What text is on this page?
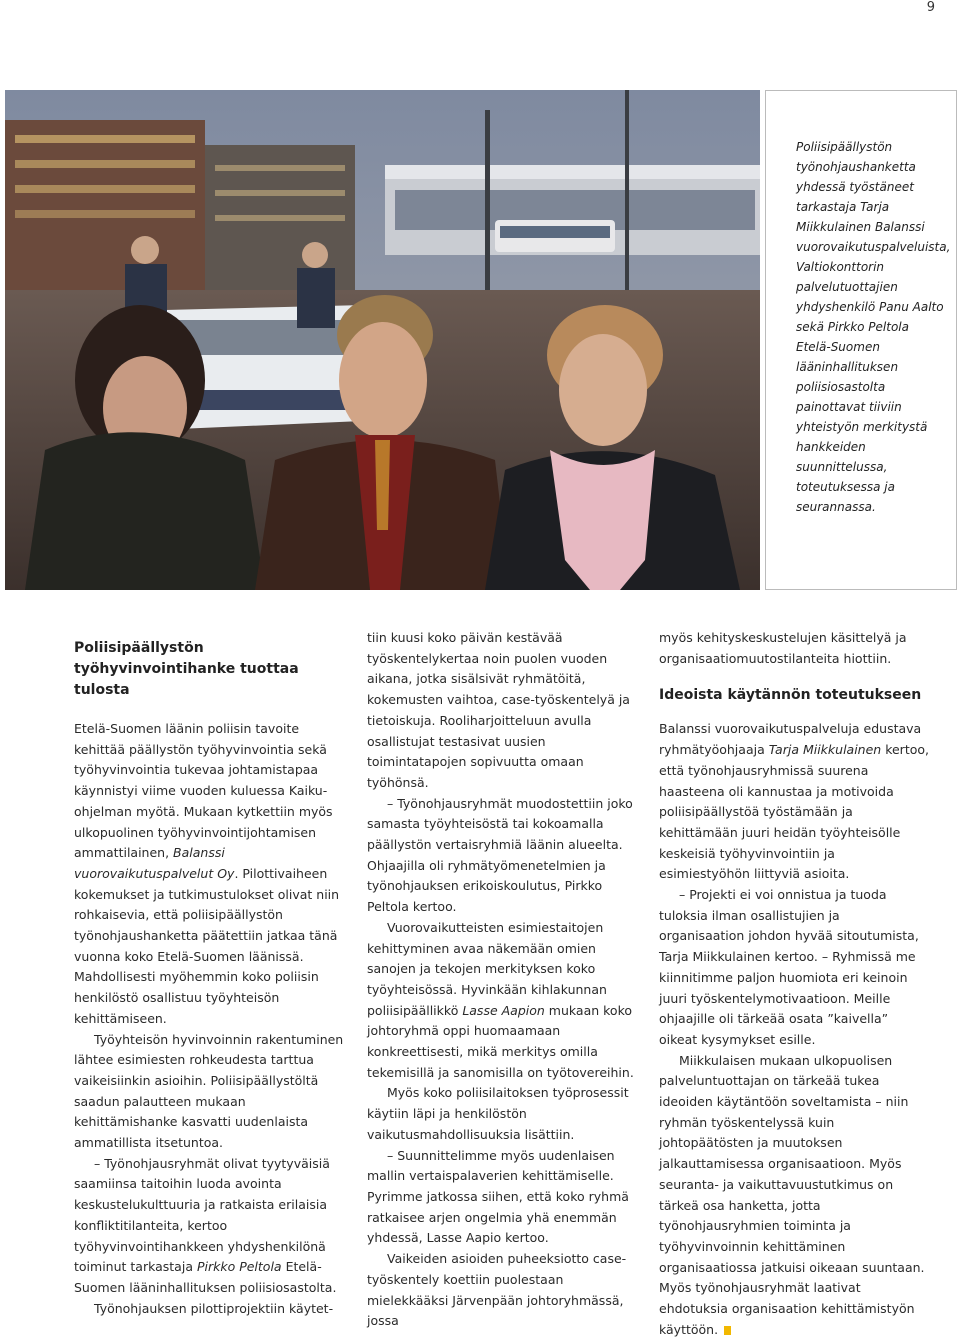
9
Poliisipäällystön työnohjaushanketta yhdessä työstäneet tarkastaja Tarja Miikkulainen Balanssi vuorovaikutuspalveluista, Valtiokonttorin palvelutuottajien yhdyshenkilö Panu Aalto sekä Pirkko Peltola Etelä-Suomen lääninhallituksen poliisiosastolta painottavat tiiviin yhteistyön merkitystä hankkeiden suunnittelussa, toteutuksessa ja seurannassa.
Poliisipäällystön työhyvinvointihanke tuottaa tulosta

Etelä-Suomen läänin poliisin tavoite kehittää päällystön työhyvinvointia sekä työhyvinvointia tukevaa johtamistapaa käynnistyi viime vuoden kuluessa Kaiku-ohjelman myötä. Mukaan kytkettiin myös ulkopuolinen työhyvinvointijohtamisen ammattilainen, Balanssi vuorovaikutuspalvelut Oy. Pilottivaiheen kokemukset ja tutkimustulokset olivat niin rohkaisevia, että poliisipäällystön työnohjaushanketta päätettiin jatkaa tänä vuonna koko Etelä-Suomen läänissä. Mahdollisesti myöhemmin koko poliisin henkilöstö osallistuu työyhteisön kehittämiseen.

Työyhteisön hyvinvoinnin rakentuminen lähtee esimiesten rohkeudesta tarttua vaikeisiinkin asioihin. Poliisipäällystöltä saadun palautteen mukaan kehittämishanke kasvatti uudenlaista ammatillista itsetuntoa.

– Työnohjausryhmät olivat tyytyväisiä saamiinsa taitoihin luoda avointa keskustelukulttuuria ja ratkaista erilaisia konfliktitilanteita, kertoo työhyvinvointihankkeen yhdyshenkilönä toiminut tarkastaja Pirkko Peltola Etelä-Suomen lääninhallituksen poliisiosastolta.

Työnohjauksen pilottiprojektiin käytet-

tiin kuusi koko päivän kestävää työskentelykertaa noin puolen vuoden aikana, jotka sisälsivät ryhmätöitä, kokemusten vaihtoa, case-työskentelyä ja tietoiskuja. Rooliharjoitteluun avulla osallistujat testasivat uusien toimintatapojen sopivuutta omaan työhönsä.

– Työnohjausryhmät muodostettiin joko samasta työyhteisöstä tai kokoamalla päällystön vertaisryhmiä läänin alueelta. Ohjaajilla oli ryhmätyömenetelmien ja työnohjauksen erikoiskoulutus, Pirkko Peltola kertoo.

Vuorovaikutteisten esimiestaitojen kehittyminen avaa näkemään omien sanojen ja tekojen merkityksen koko työyhteisössä. Hyvinkään kihlakunnan poliisipäällikkö Lasse Aapion mukaan koko johtoryhmä oppi huomaamaan konkreettisesti, mikä merkitys omilla tekemisillä ja sanomisilla on työtovereihin.

Myös koko poliisilaitoksen työprosessit käytiin läpi ja henkilöstön vaikutusmahdollisuuksia lisättiin.

– Suunnittelimme myös uudenlaisen mallin vertaispalaverien kehittämiselle. Pyrimme jatkossa siihen, että koko ryhmä ratkaisee arjen ongelmia yhä enemmän yhdessä, Lasse Aapio kertoo.

Vaikeiden asioiden puheeksiotto case-työskentely koettiin puolestaan mielekkääksi Järvenpään johtoryhmässä, jossa

myös kehityskeskustelujen käsittelyä ja organisaatiomuutostilanteita hiottiin.

Ideoista käytännön toteutukseen

Balanssi vuorovaikutuspalveluja edustava ryhmätyöohjaaja Tarja Miikkulainen kertoo, että työnohjausryhmissä suurena haasteena oli kannustaa ja motivoida poliisipäällystöä työstämään ja kehittämään juuri heidän työyhteisölle keskeisiä työhyvinvointiin ja esimiestyöhön liittyviä asioita.

– Projekti ei voi onnistua ja tuoda tuloksia ilman osallistujien ja organisaation johdon hyvää sitoutumista, Tarja Miikkulainen kertoo. – Ryhmissä me kiinnitimme paljon huomiota eri keinoin juuri työskentelymotivaatioon. Meille ohjaajille oli tärkeää osata ”kaivella” oikeat kysymykset esille.

Miikkulaisen mukaan ulkopuolisen palveluntuottajan on tärkeää tukea ideoiden käytäntöön soveltamista – niin ryhmän työskentelyssä kuin johtopäätösten ja muutoksen jalkauttamisessa organisaatioon. Myös seuranta- ja vaikuttavuustutkimus on tärkeä osa hanketta, jotta työnohjausryhmien toiminta ja työhyvinvoinnin kehittäminen organisaatiossa jatkuisi oikeaan suuntaan. Myös työnohjausryhmät laativat ehdotuksia organisaation kehittämistyön käyttöön.
